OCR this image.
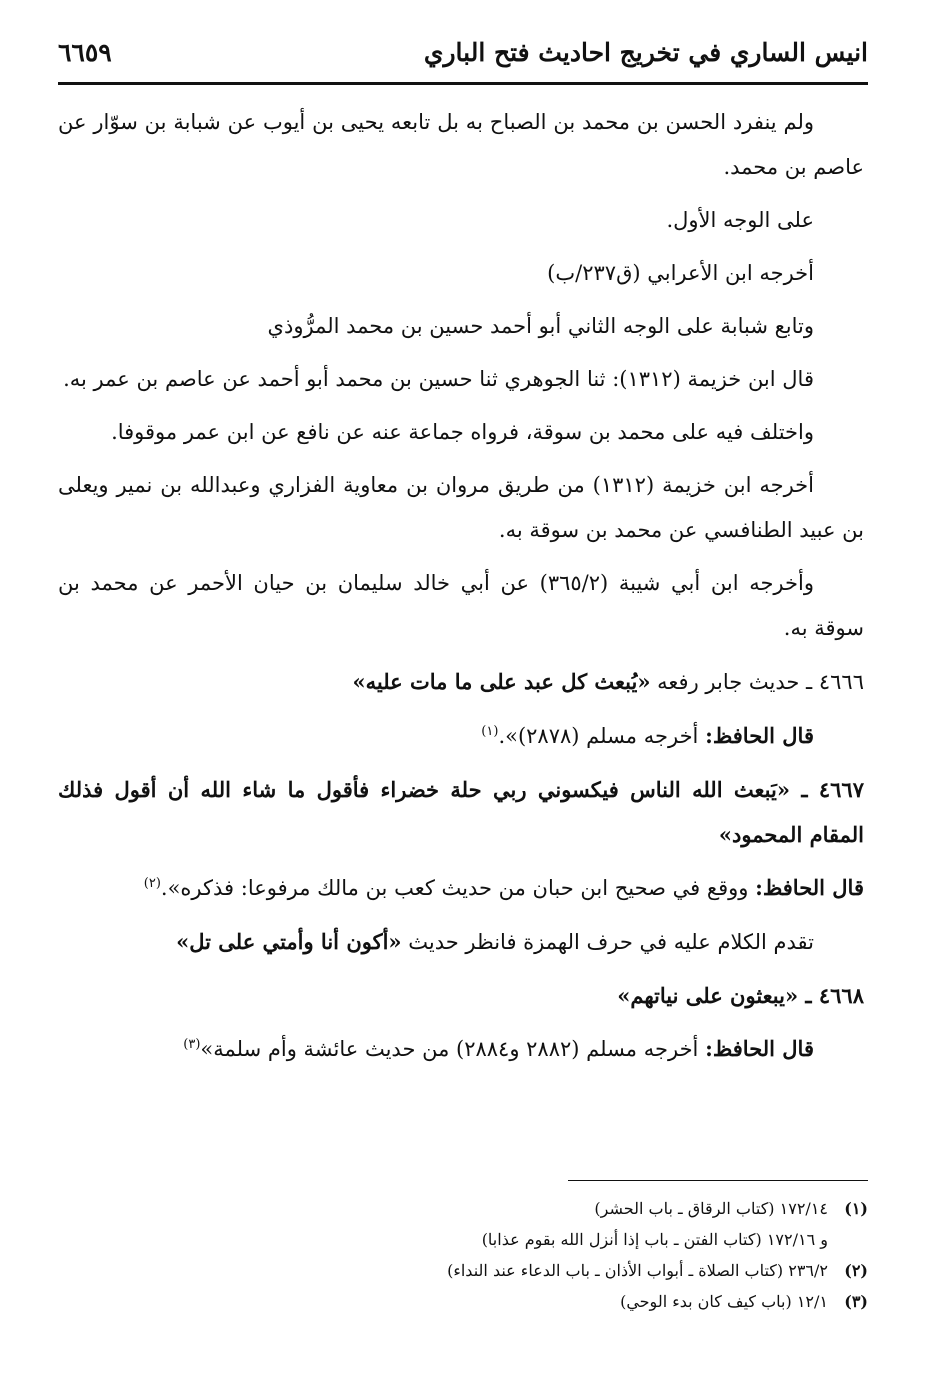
انيس الساري في تخريج احاديث فتح الباري
٦٦٥٩

ولم ينفرد الحسن بن محمد بن الصباح به بل تابعه يحيى بن أيوب عن شبابة بن سوّار عن عاصم بن محمد.

على الوجه الأول.

أخرجه ابن الأعرابي (ق٢٣٧/ب)

وتابع شبابة على الوجه الثاني أبو أحمد حسين بن محمد المرُّوذي

قال ابن خزيمة (١٣١٢): ثنا الجوهري ثنا حسين بن محمد أبو أحمد عن عاصم بن عمر به.

واختلف فيه على محمد بن سوقة، فرواه جماعة عنه عن نافع عن ابن عمر موقوفا.

أخرجه ابن خزيمة (١٣١٢) من طريق مروان بن معاوية الفزاري وعبدالله بن نمير ويعلى بن عبيد الطنافسي عن محمد بن سوقة به.

وأخرجه ابن أبي شيبة (٣٦٥/٢) عن أبي خالد سليمان بن حيان الأحمر عن محمد بن سوقة به.

٤٦٦٦ ـ حديث جابر رفعه «يُبعث كل عبد على ما مات عليه»

قال الحافظ: أخرجه مسلم (٢٨٧٨)».$^{(١)}$

٤٦٦٧ ـ «يَبعث الله الناس فيكسوني ربي حلة خضراء فأقول ما شاء الله أن أقول فذلك المقام المحمود»

قال الحافظ: ووقع في صحيح ابن حبان من حديث كعب بن مالك مرفوعا: فذكره».$^{(٢)}$

تقدم الكلام عليه في حرف الهمزة فانظر حديث «أكون أنا وأمتي على تل»

٤٦٦٨ ـ «يبعثون على نياتهم»

قال الحافظ: أخرجه مسلم (٢٨٨٢ و٢٨٨٤) من حديث عائشة وأم سلمة»$^{(٣)}$

(١)١٧٢/١٤ (كتاب الرقاق ـ باب الحشر)
و ١٧٢/١٦ (كتاب الفتن ـ باب إذا أنزل الله بقوم عذابا)
(٢)٢٣٦/٢ (كتاب الصلاة ـ أبواب الأذان ـ باب الدعاء عند النداء)
(٣)١٢/١ (باب كيف كان بدء الوحي)
